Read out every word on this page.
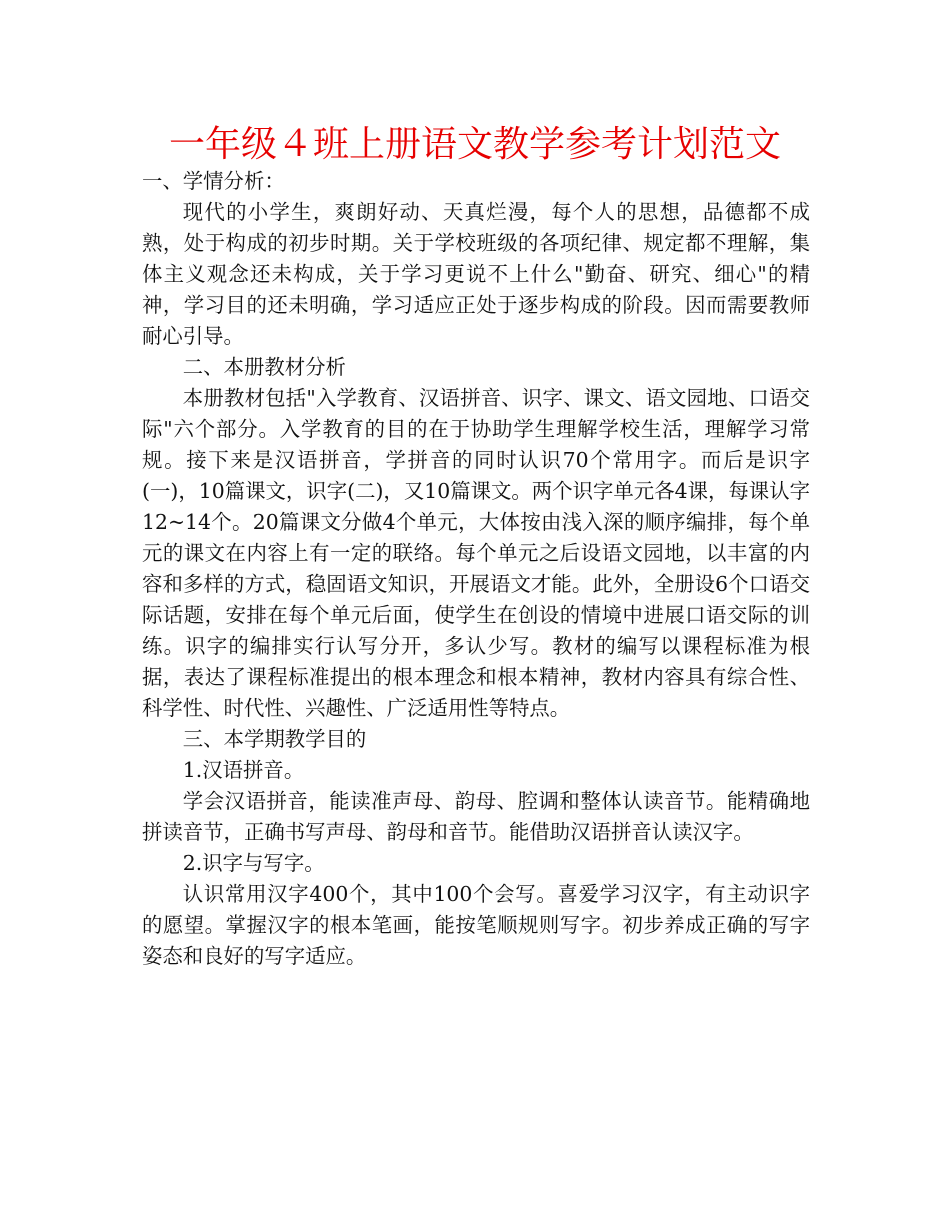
一年级４班上册语文教学参考计划范文

一、学情分析：

现代的小学生，爽朗好动、天真烂漫，每个人的思想，品德都不成熟，处于构成的初步时期。关于学校班级的各项纪律、规定都不理解，集体主义观念还未构成，关于学习更说不上什么"勤奋、研究、细心"的精神，学习目的还未明确，学习适应正处于逐步构成的阶段。因而需要教师耐心引导。

二、本册教材分析

本册教材包括"入学教育、汉语拼音、识字、课文、语文园地、口语交际"六个部分。入学教育的目的在于协助学生理解学校生活，理解学习常规。接下来是汉语拼音，学拼音的同时认识70个常用字。而后是识字(一)，10篇课文，识字(二)，又10篇课文。两个识字单元各4课，每课认字12~14个。20篇课文分做4个单元，大体按由浅入深的顺序编排，每个单元的课文在内容上有一定的联络。每个单元之后设语文园地，以丰富的内容和多样的方式，稳固语文知识，开展语文才能。此外，全册设6个口语交际话题，安排在每个单元后面，使学生在创设的情境中进展口语交际的训练。识字的编排实行认写分开，多认少写。教材的编写以课程标准为根据，表达了课程标准提出的根本理念和根本精神，教材内容具有综合性、科学性、时代性、兴趣性、广泛适用性等特点。

三、本学期教学目的

1.汉语拼音。

学会汉语拼音，能读准声母、韵母、腔调和整体认读音节。能精确地拼读音节，正确书写声母、韵母和音节。能借助汉语拼音认读汉字。

2.识字与写字。

认识常用汉字400个，其中100个会写。喜爱学习汉字，有主动识字的愿望。掌握汉字的根本笔画，能按笔顺规则写字。初步养成正确的写字姿态和良好的写字适应。
